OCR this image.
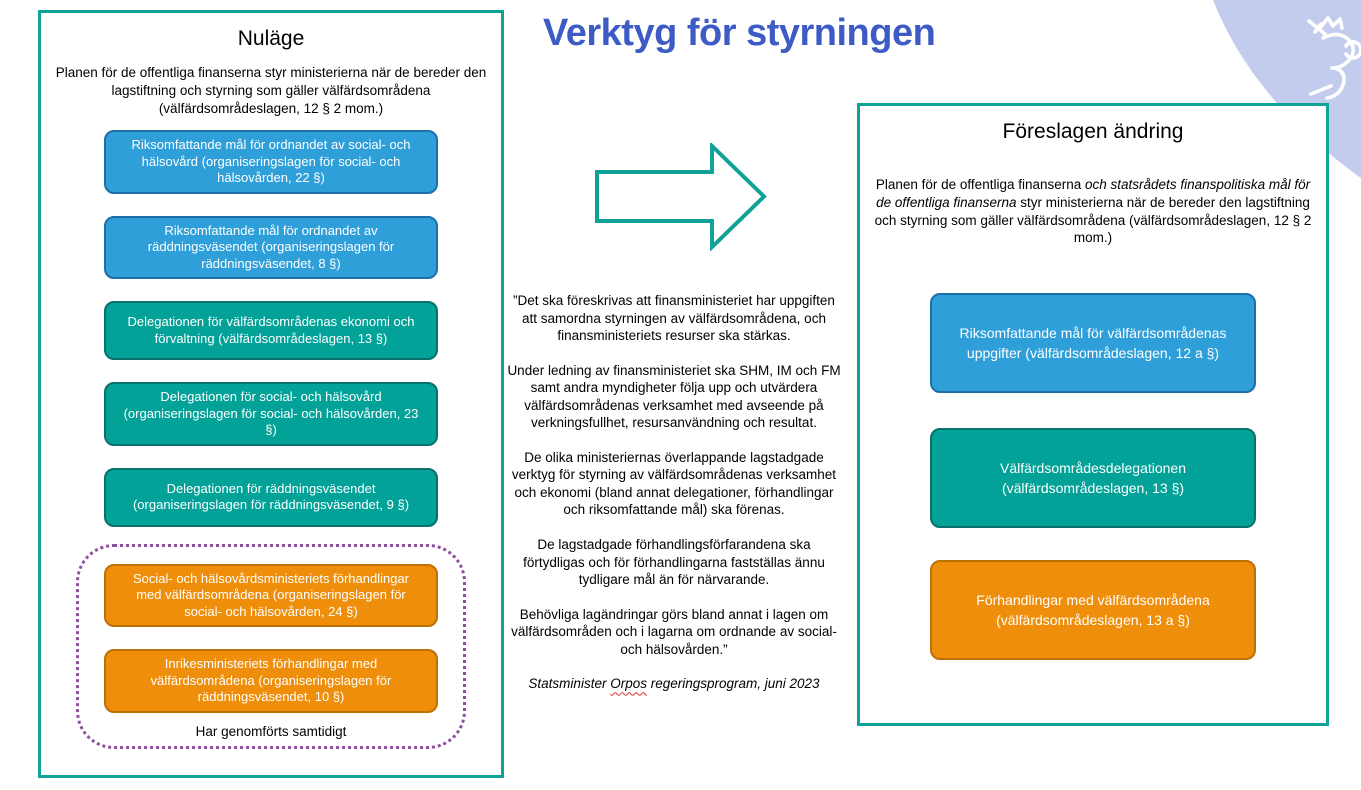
Verktyg för styrningen
Nuläge

Planen för de offentliga finanserna styr ministerierna när de bereder den lagstiftning och styrning som gäller välfärdsområdena (välfärdsområdeslagen, 12 § 2 mom.)

Riksomfattande mål för ordnandet av social- och hälsovård (organiseringslagen för social- och hälsovården, 22 §)
Riksomfattande mål för ordnandet av räddningsväsendet (organiseringslagen för räddningsväsendet, 8 §)
Delegationen för välfärdsområdenas ekonomi och förvaltning (välfärdsområdeslagen, 13 §)
Delegationen för social- och hälsovård (organiseringslagen för social- och hälsovården, 23 §)
Delegationen för räddningsväsendet (organiseringslagen för räddningsväsendet, 9 §)
Social- och hälsovårdsministeriets förhandlingar med välfärdsområdena (organiseringslagen för social- och hälsovården, 24 §)
Inrikesministeriets förhandlingar med välfärdsområdena (organiseringslagen för räddningsväsendet, 10 §)

Har genomförts samtidigt

”Det ska föreskrivas att finansministeriet har uppgiften att samordna styrningen av välfärdsområdena, och finansministeriets resurser ska stärkas.

Under ledning av finansministeriet ska SHM, IM och FM samt andra myndigheter följa upp och utvärdera välfärdsområdenas verksamhet med avseende på verkningsfullhet, resursanvändning och resultat.

De olika ministeriernas överlappande lagstadgade verktyg för styrning av välfärdsområdenas verksamhet och ekonomi (bland annat delegationer, förhandlingar och riksomfattande mål) ska förenas.

De lagstadgade förhandlingsförfarandena ska förtydligas och för förhandlingarna fastställas ännu tydligare mål än för närvarande.

Behövliga lagändringar görs bland annat i lagen om välfärdsområden och i lagarna om ordnande av social- och hälsovården.”

Statsminister Orpos regeringsprogram, juni 2023

Föreslagen ändring

Planen för de offentliga finanserna och statsrådets finanspolitiska mål för de offentliga finanserna styr ministerierna när de bereder den lagstiftning och styrning som gäller välfärdsområdena (välfärdsområdeslagen, 12 § 2 mom.)

Riksomfattande mål för välfärdsområdenas uppgifter (välfärdsområdeslagen, 12 a §)
Välfärdsområdesdelegationen (välfärdsområdeslagen, 13 §)
Förhandlingar med välfärdsområdena (välfärdsområdeslagen, 13 a §)
